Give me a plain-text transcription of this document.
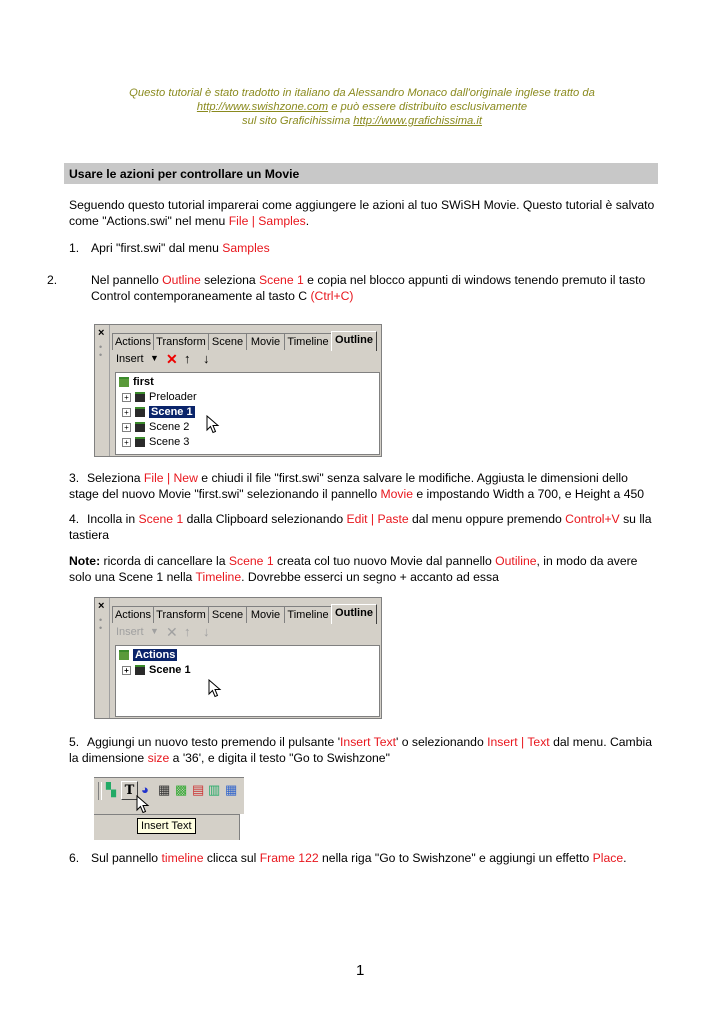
Questo tutorial è stato tradotto in italiano da Alessandro Monaco dall'originale inglese tratto da
http://www.swishzone.com e può essere distribuito esclusivamente
sul sito Graficihissima http://www.grafichissima.it
Usare le azioni per controllare un Movie
Seguendo questo tutorial imparerai come aggiungere le azioni al tuo SWiSH Movie. Questo tutorial è salvato come "Actions.swi" nel menu File | Samples.
1. Apri "first.swi" dal menu Samples
2.	Nel pannello Outline seleziona Scene 1 e copia nel blocco appunti di windows tenendo premuto il tasto Control contemporaneamente al tasto C (Ctrl+C)
×
•
•
Actions Transform Scene Movie Timeline Outline
Insert ▼ ✕ ↑ ↓
first
+ Preloader
+ Scene 1
+ Scene 2
+ Scene 3
3. Seleziona File | New e chiudi il file "first.swi" senza salvare le modifiche. Aggiusta le dimensioni dello stage del nuovo Movie "first.swi" selezionando il pannello Movie e impostando Width a 700, e Height a 450
4. Incolla in Scene 1 dalla Clipboard selezionando Edit | Paste dal menu oppure premendo Control+V su lla tastiera
Note: ricorda di cancellare la Scene 1 creata col tuo nuovo Movie dal pannello Outiline, in modo da avere solo una Scene 1 nella Timeline. Dovrebbe esserci un segno + accanto ad essa
×
•
•
Actions Transform Scene Movie Timeline Outline
Insert ▼ ✕ ↑ ↓
Actions
+ Scene 1
5. Aggiungi un nuovo testo premendo il pulsante 'Insert Text' o selezionando Insert | Text dal menu. Cambia la dimensione size a '36', e digita il testo "Go to Swishzone"
▚ T ◕ ▦ ▩ ▤ ▥ ▦
Insert Text
6. Sul pannello timeline clicca sul Frame 122 nella riga "Go to Swishzone" e aggiungi un effetto Place.
1
